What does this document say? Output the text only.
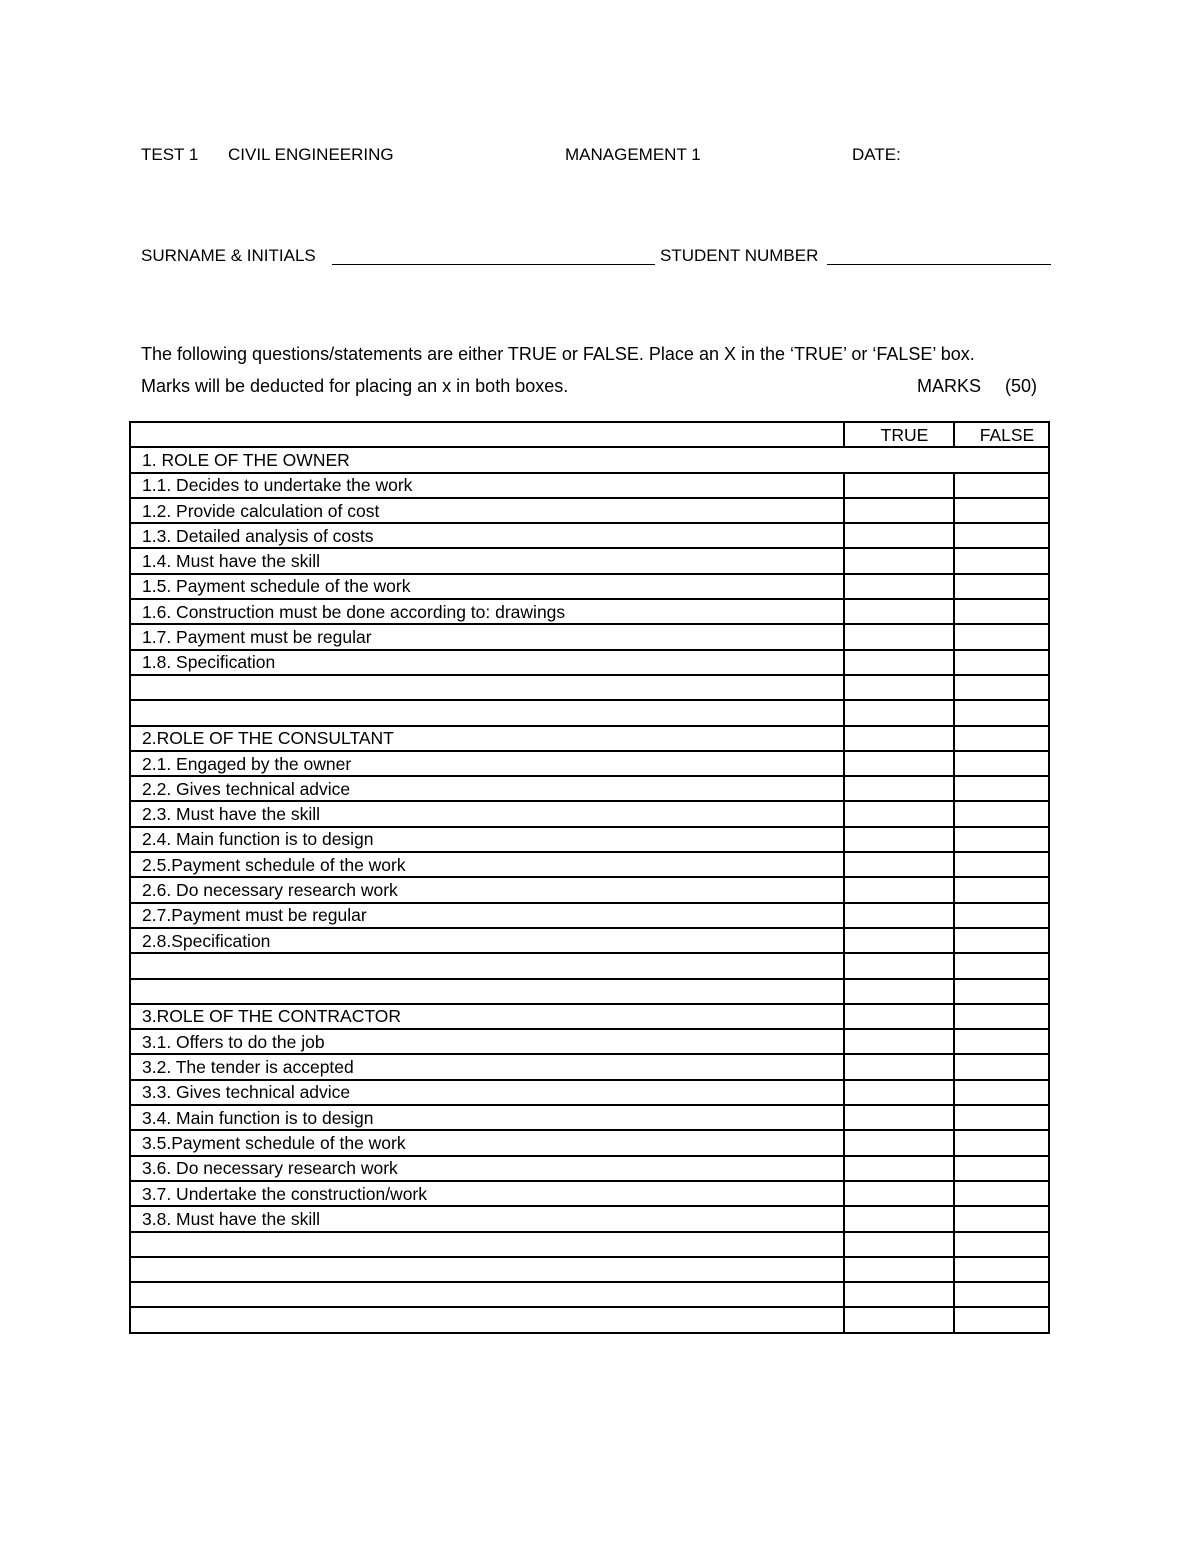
TEST 1 CIVIL ENGINEERING	MANAGEMENT 1	DATE:
SURNAME & INITIALS	STUDENT NUMBER
The following questions/statements are either TRUE or FALSE. Place an X in the ‘TRUE’ or ‘FALSE’ box.
Marks will be deducted for placing an x in both boxes.	MARKS (50)
	TRUE	FALSE
1. ROLE OF THE OWNER		
1.1. Decides to undertake the work		
1.2. Provide calculation of cost		
1.3. Detailed analysis of costs		
1.4. Must have the skill		
1.5. Payment schedule of the work		
1.6. Construction must be done according to: drawings		
1.7. Payment must be regular		
1.8. Specification		

2.ROLE OF THE CONSULTANT		
2.1. Engaged by the owner		
2.2. Gives technical advice		
2.3. Must have the skill		
2.4. Main function is to design		
2.5.Payment schedule of the work		
2.6. Do necessary research work		
2.7.Payment must be regular		
2.8.Specification		

3.ROLE OF THE CONTRACTOR		
3.1. Offers to do the job		
3.2. The tender is accepted		
3.3. Gives technical advice		
3.4. Main function is to design		
3.5.Payment schedule of the work		
3.6. Do necessary research work		
3.7. Undertake the construction/work		
3.8. Must have the skill		
